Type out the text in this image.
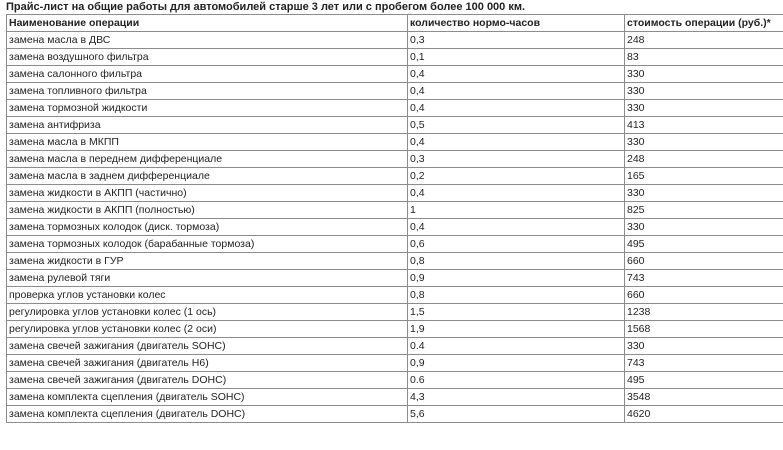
Прайс-лист на общие работы для автомобилей старше 3 лет или с пробегом более 100 000 км.
Наименование операции	количество нормо-часов	стоимость операции (руб.)*
замена масла в ДВС	0,3	248
замена воздушного фильтра	0,1	83
замена салонного фильтра	0,4	330
замена топливного фильтра	0,4	330
замена тормозной жидкости	0,4	330
замена антифриза	0,5	413
замена масла в МКПП	0,4	330
замена масла в переднем дифференциале	0,3	248
замена масла в заднем дифференциале	0,2	165
замена жидкости в АКПП (частично)	0,4	330
замена жидкости в АКПП (полностью)	1	825
замена тормозных колодок (диск. тормоза)	0,4	330
замена тормозных колодок (барабанные тормоза)	0,6	495
замена жидкости в ГУР	0,8	660
замена рулевой тяги	0,9	743
проверка углов установки колес	0,8	660
регулировка углов установки колес (1 ось)	1,5	1238
регулировка углов установки колес (2 оси)	1,9	1568
замена свечей зажигания (двигатель SOHC)	0.4	330
замена свечей зажигания (двигатель H6)	0,9	743
замена свечей зажигания (двигатель DOHC)	0.6	495
замена комплекта сцепления (двигатель SOHC)	4,3	3548
замена комплекта сцепления (двигатель DOHC)	5,6	4620
